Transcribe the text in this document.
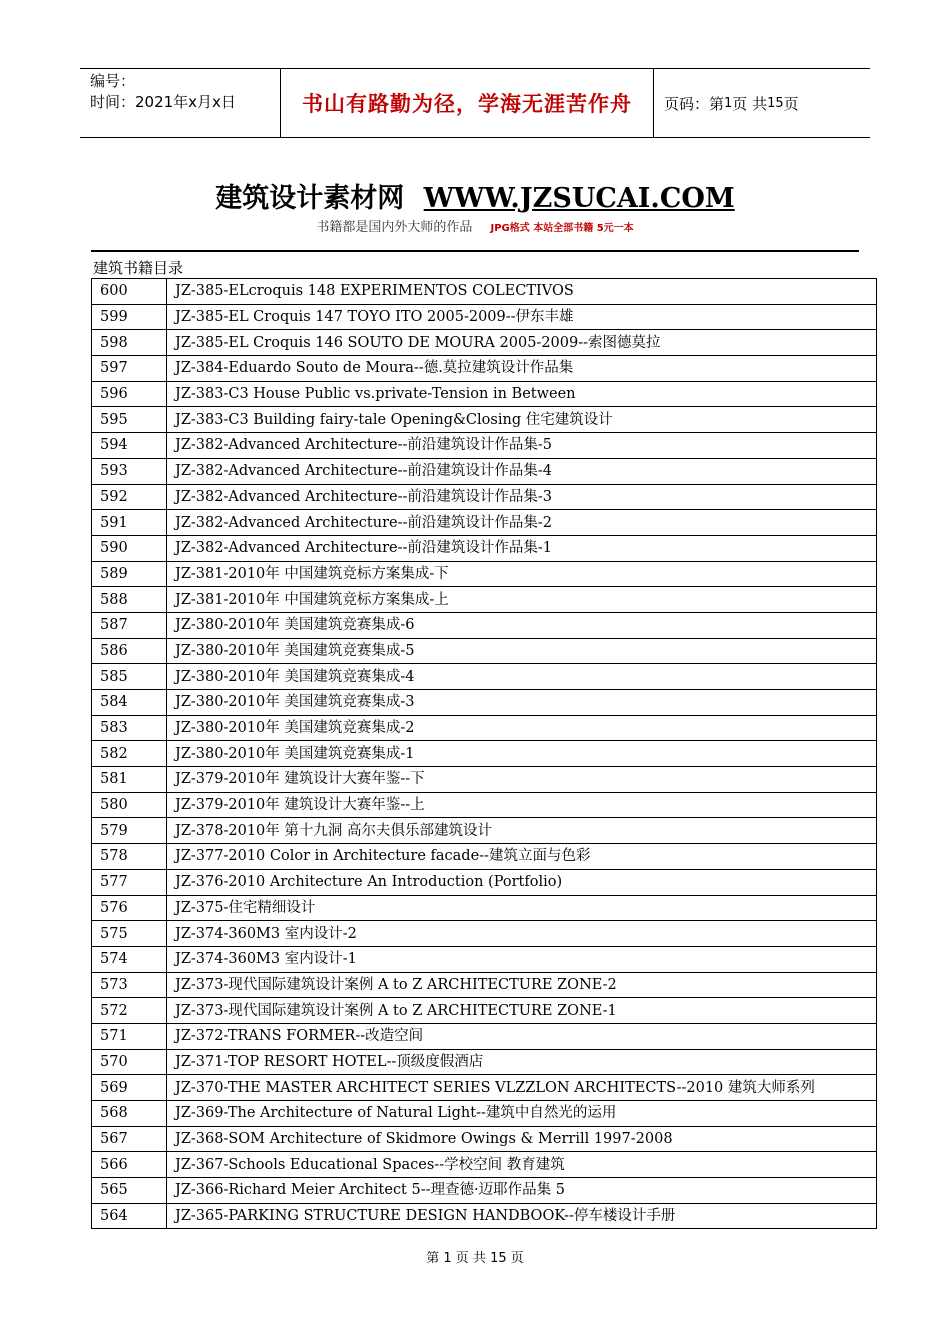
编号：
时间：2021年x月x日	书山有路勤为径，学海无涯苦作舟	页码：第 1 页 共 15 页
建筑设计素材网 WWW.JZSUCAI.COM
书籍都是国内外大师的作品 JPG格式 本站全部书籍 5元一本
建筑书籍目录
600	JZ-385-ELcroquis 148 EXPERIMENTOS COLECTIVOS
599	JZ-385-EL Croquis 147 TOYO ITO 2005-2009--伊东丰雄
598	JZ-385-EL Croquis 146 SOUTO DE MOURA 2005-2009--索图德莫拉
597	JZ-384-Eduardo Souto de Moura--德.莫拉建筑设计作品集
596	JZ-383-C3 House Public vs.private-Tension in Between
595	JZ-383-C3 Building fairy-tale Opening&Closing 住宅建筑设计
594	JZ-382-Advanced Architecture--前沿建筑设计作品集-5
593	JZ-382-Advanced Architecture--前沿建筑设计作品集-4
592	JZ-382-Advanced Architecture--前沿建筑设计作品集-3
591	JZ-382-Advanced Architecture--前沿建筑设计作品集-2
590	JZ-382-Advanced Architecture--前沿建筑设计作品集-1
589	JZ-381-2010年 中国建筑竞标方案集成-下
588	JZ-381-2010年 中国建筑竞标方案集成-上
587	JZ-380-2010年 美国建筑竞赛集成-6
586	JZ-380-2010年 美国建筑竞赛集成-5
585	JZ-380-2010年 美国建筑竞赛集成-4
584	JZ-380-2010年 美国建筑竞赛集成-3
583	JZ-380-2010年 美国建筑竞赛集成-2
582	JZ-380-2010年 美国建筑竞赛集成-1
581	JZ-379-2010年 建筑设计大赛年鉴--下
580	JZ-379-2010年 建筑设计大赛年鉴--上
579	JZ-378-2010年 第十九洞 高尔夫俱乐部建筑设计
578	JZ-377-2010 Color in Architecture facade--建筑立面与色彩
577	JZ-376-2010 Architecture An Introduction (Portfolio)
576	JZ-375-住宅精细设计
575	JZ-374-360M3 室内设计-2
574	JZ-374-360M3 室内设计-1
573	JZ-373-现代国际建筑设计案例 A to Z ARCHITECTURE ZONE-2
572	JZ-373-现代国际建筑设计案例 A to Z ARCHITECTURE ZONE-1
571	JZ-372-TRANS FORMER--改造空间
570	JZ-371-TOP RESORT HOTEL--顶级度假酒店
569	JZ-370-THE MASTER ARCHITECT SERIES VLZZLON ARCHITECTS--2010 建筑大师系列
568	JZ-369-The Architecture of Natural Light--建筑中自然光的运用
567	JZ-368-SOM Architecture of Skidmore Owings & Merrill 1997-2008
566	JZ-367-Schools Educational Spaces--学校空间 教育建筑
565	JZ-366-Richard Meier Architect 5--理查德·迈耶作品集 5
564	JZ-365-PARKING STRUCTURE DESIGN HANDBOOK--停车楼设计手册
第 1 页 共 15 页
